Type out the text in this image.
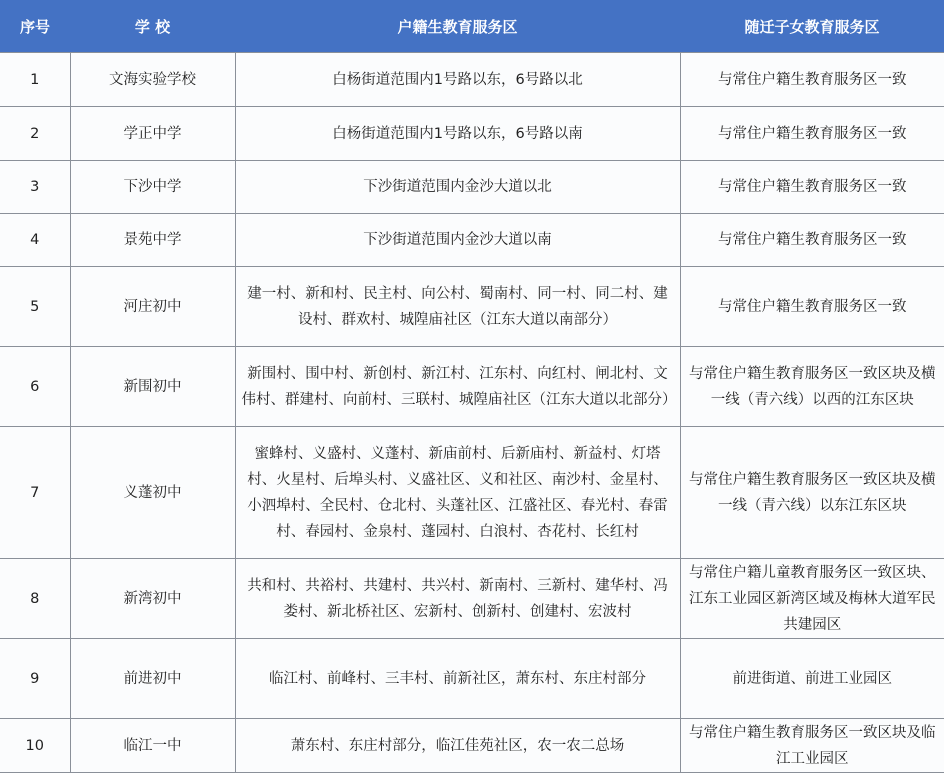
序号	学 校	户籍生教育服务区	随迁子女教育服务区
1	文海实验学校	白杨街道范围内1号路以东，6号路以北	与常住户籍生教育服务区一致
2	学正中学	白杨街道范围内1号路以东，6号路以南	与常住户籍生教育服务区一致
3	下沙中学	下沙街道范围内金沙大道以北	与常住户籍生教育服务区一致
4	景苑中学	下沙街道范围内金沙大道以南	与常住户籍生教育服务区一致
5	河庄初中	建一村、新和村、民主村、向公村、蜀南村、同一村、同二村、建设村、群欢村、城隍庙社区（江东大道以南部分）	与常住户籍生教育服务区一致
6	新围初中	新围村、围中村、新创村、新江村、江东村、向红村、闸北村、文伟村、群建村、向前村、三联村、城隍庙社区（江东大道以北部分）	与常住户籍生教育服务区一致区块及横一线（青六线）以西的江东区块
7	义蓬初中	蜜蜂村、义盛村、义蓬村、新庙前村、后新庙村、新益村、灯塔村、火星村、后埠头村、义盛社区、义和社区、南沙村、金星村、小泗埠村、全民村、仓北村、头蓬社区、江盛社区、春光村、春雷村、春园村、金泉村、蓬园村、白浪村、杏花村、长红村	与常住户籍生教育服务区一致区块及横一线（青六线）以东江东区块
8	新湾初中	共和村、共裕村、共建村、共兴村、新南村、三新村、建华村、冯娄村、新北桥社区、宏新村、创新村、创建村、宏波村	与常住户籍儿童教育服务区一致区块、江东工业园区新湾区域及梅林大道军民共建园区
9	前进初中	临江村、前峰村、三丰村、前新社区，萧东村、东庄村部分	前进街道、前进工业园区
10	临江一中	萧东村、东庄村部分，临江佳苑社区，农一农二总场	与常住户籍生教育服务区一致区块及临江工业园区
